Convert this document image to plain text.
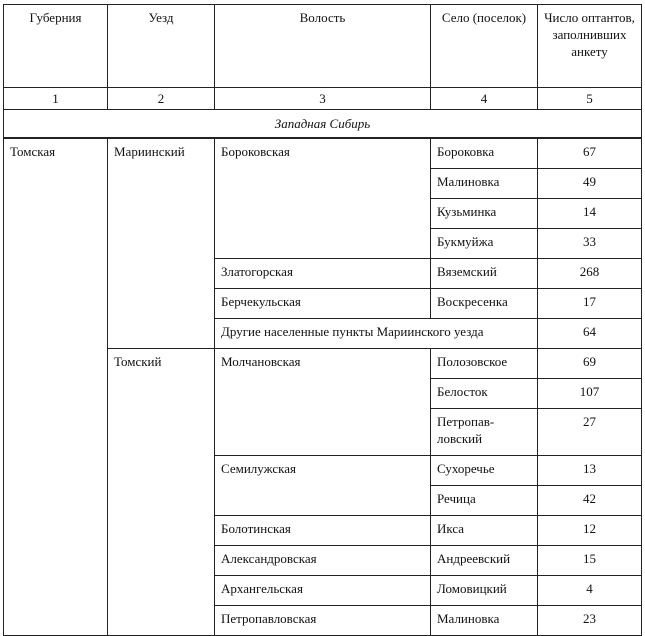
Губерния	Уезд	Волость	Село (поселок)	Число оптантов, заполнивших анкету
1	2	3	4	5
Западная Сибирь				
Томская	Мариинский	Бороковская	Бороковка	67
			Малиновка	49
			Кузьминка	14
			Букмуйжа	33
		Златогорская	Вяземский	268
		Берчекульская	Воскресенка	17
		Другие населенные пункты Мариинского уезда		64
	Томский	Молчановская	Полозовское	69
			Белосток	107
			Петропав-ловский	27
		Семилужская	Сухоречье	13
			Речица	42
		Болотинская	Икса	12
		Александровская	Андреевский	15
		Архангельская	Ломовицкий	4
		Петропавловская	Малиновка	23
